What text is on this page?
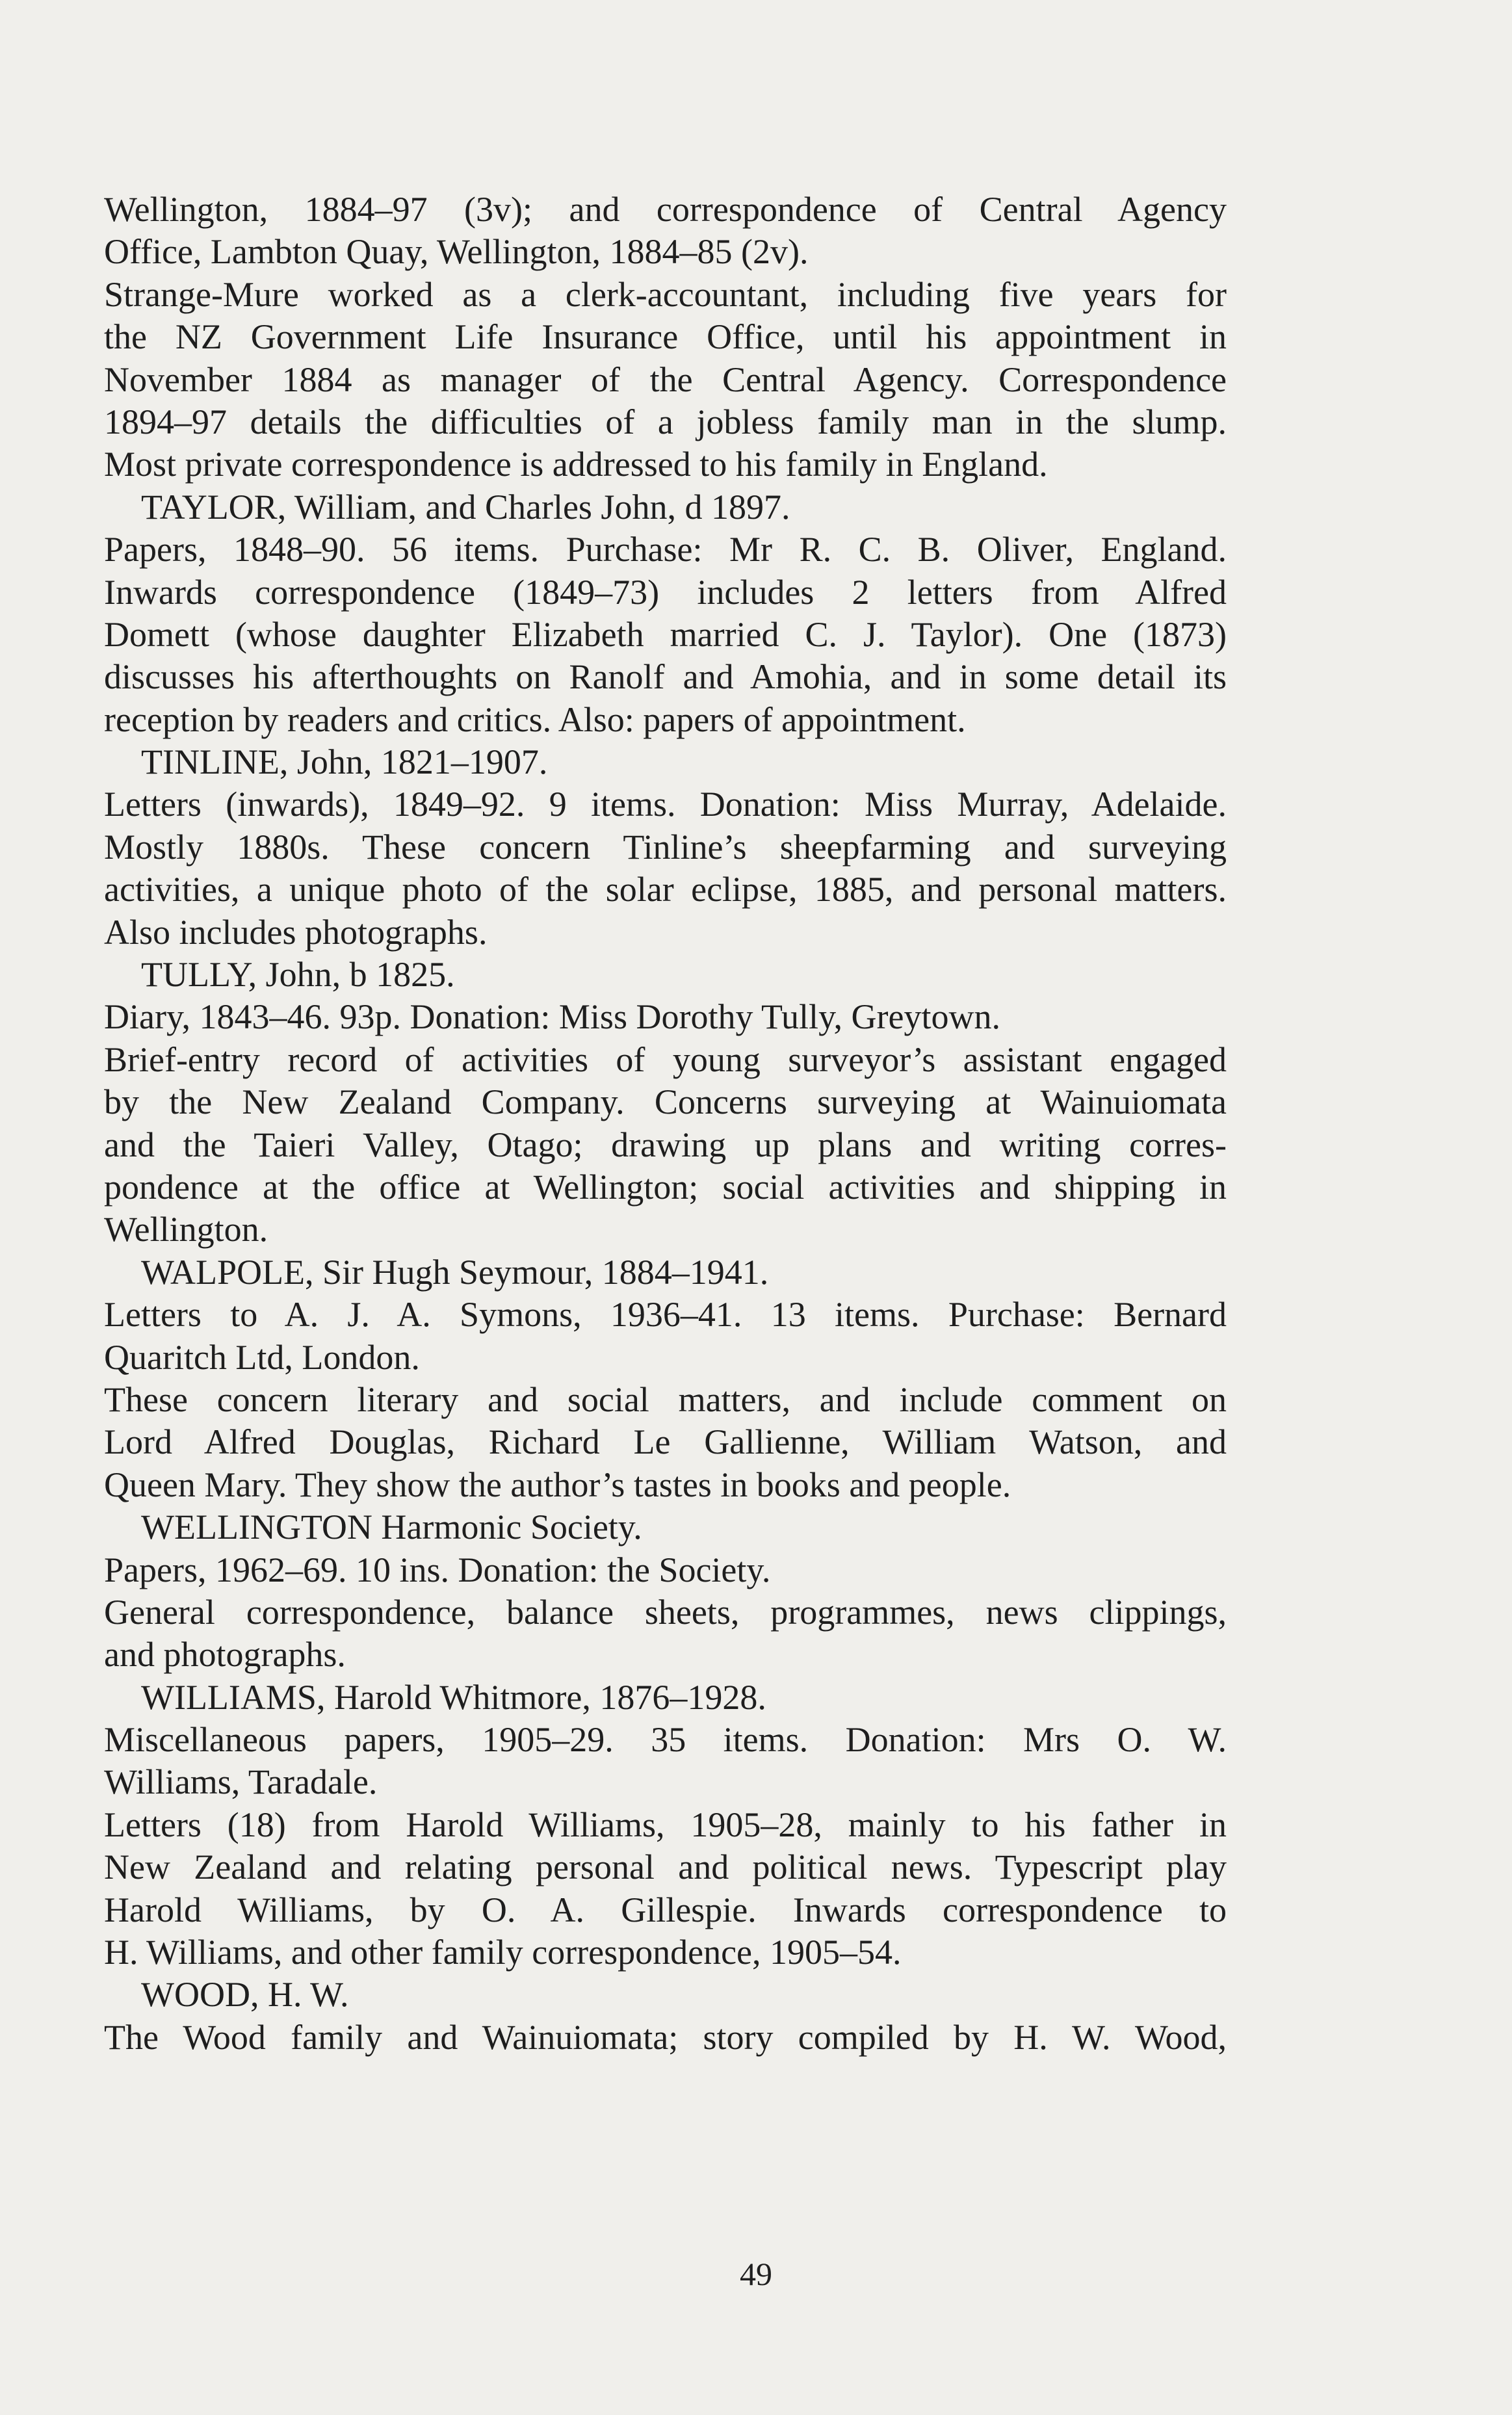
Wellington, 1884–97 (3v); and correspondence of Central Agency
Office, Lambton Quay, Wellington, 1884–85 (2v).
Strange-Mure worked as a clerk-accountant, including five years for
the NZ Government Life Insurance Office, until his appointment in
November 1884 as manager of the Central Agency. Correspondence
1894–97 details the difficulties of a jobless family man in the slump.
Most private correspondence is addressed to his family in England.
TAYLOR, William, and Charles John, d 1897.
Papers, 1848–90. 56 items. Purchase: Mr R. C. B. Oliver, England.
Inwards correspondence (1849–73) includes 2 letters from Alfred
Domett (whose daughter Elizabeth married C. J. Taylor). One (1873)
discusses his afterthoughts on Ranolf and Amohia, and in some detail its
reception by readers and critics. Also: papers of appointment.
TINLINE, John, 1821–1907.
Letters (inwards), 1849–92. 9 items. Donation: Miss Murray, Adelaide.
Mostly 1880s. These concern Tinline’s sheepfarming and surveying
activities, a unique photo of the solar eclipse, 1885, and personal matters.
Also includes photographs.
TULLY, John, b 1825.
Diary, 1843–46. 93p. Donation: Miss Dorothy Tully, Greytown.
Brief-entry record of activities of young surveyor’s assistant engaged
by the New Zealand Company. Concerns surveying at Wainuiomata
and the Taieri Valley, Otago; drawing up plans and writing corres-
pondence at the office at Wellington; social activities and shipping in
Wellington.
WALPOLE, Sir Hugh Seymour, 1884–1941.
Letters to A. J. A. Symons, 1936–41. 13 items. Purchase: Bernard
Quaritch Ltd, London.
These concern literary and social matters, and include comment on
Lord Alfred Douglas, Richard Le Gallienne, William Watson, and
Queen Mary. They show the author’s tastes in books and people.
WELLINGTON Harmonic Society.
Papers, 1962–69. 10 ins. Donation: the Society.
General correspondence, balance sheets, programmes, news clippings,
and photographs.
WILLIAMS, Harold Whitmore, 1876–1928.
Miscellaneous papers, 1905–29. 35 items. Donation: Mrs O. W.
Williams, Taradale.
Letters (18) from Harold Williams, 1905–28, mainly to his father in
New Zealand and relating personal and political news. Typescript play
Harold Williams, by O. A. Gillespie. Inwards correspondence to
H. Williams, and other family correspondence, 1905–54.
WOOD, H. W.
The Wood family and Wainuiomata; story compiled by H. W. Wood,
49
